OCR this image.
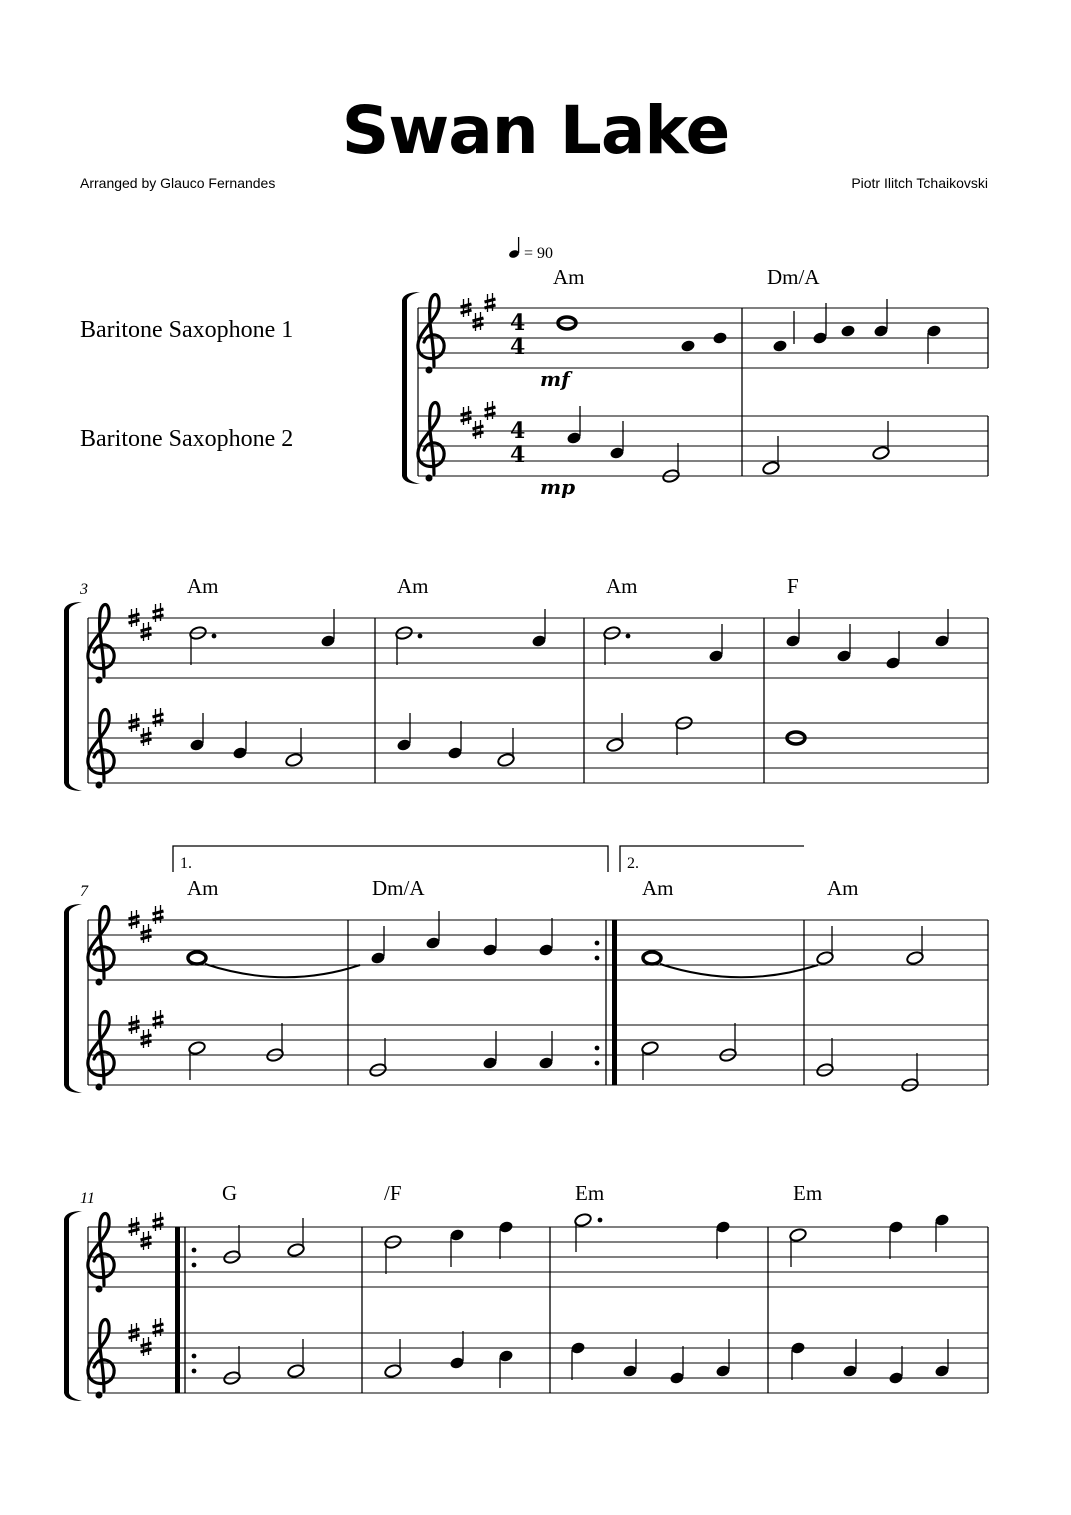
Swan Lake
Arranged by Glauco Fernandes	Piotr Ilitch Tchaikovski
= 90
Baritone Saxophone 1
Baritone Saxophone 2
4
4
4
4
mf
mp
Am	Dm/A
3	Am	Am	Am	F
7
1.	2.
Am	Dm/A	Am	Am
11	G	/F	Em	Em
